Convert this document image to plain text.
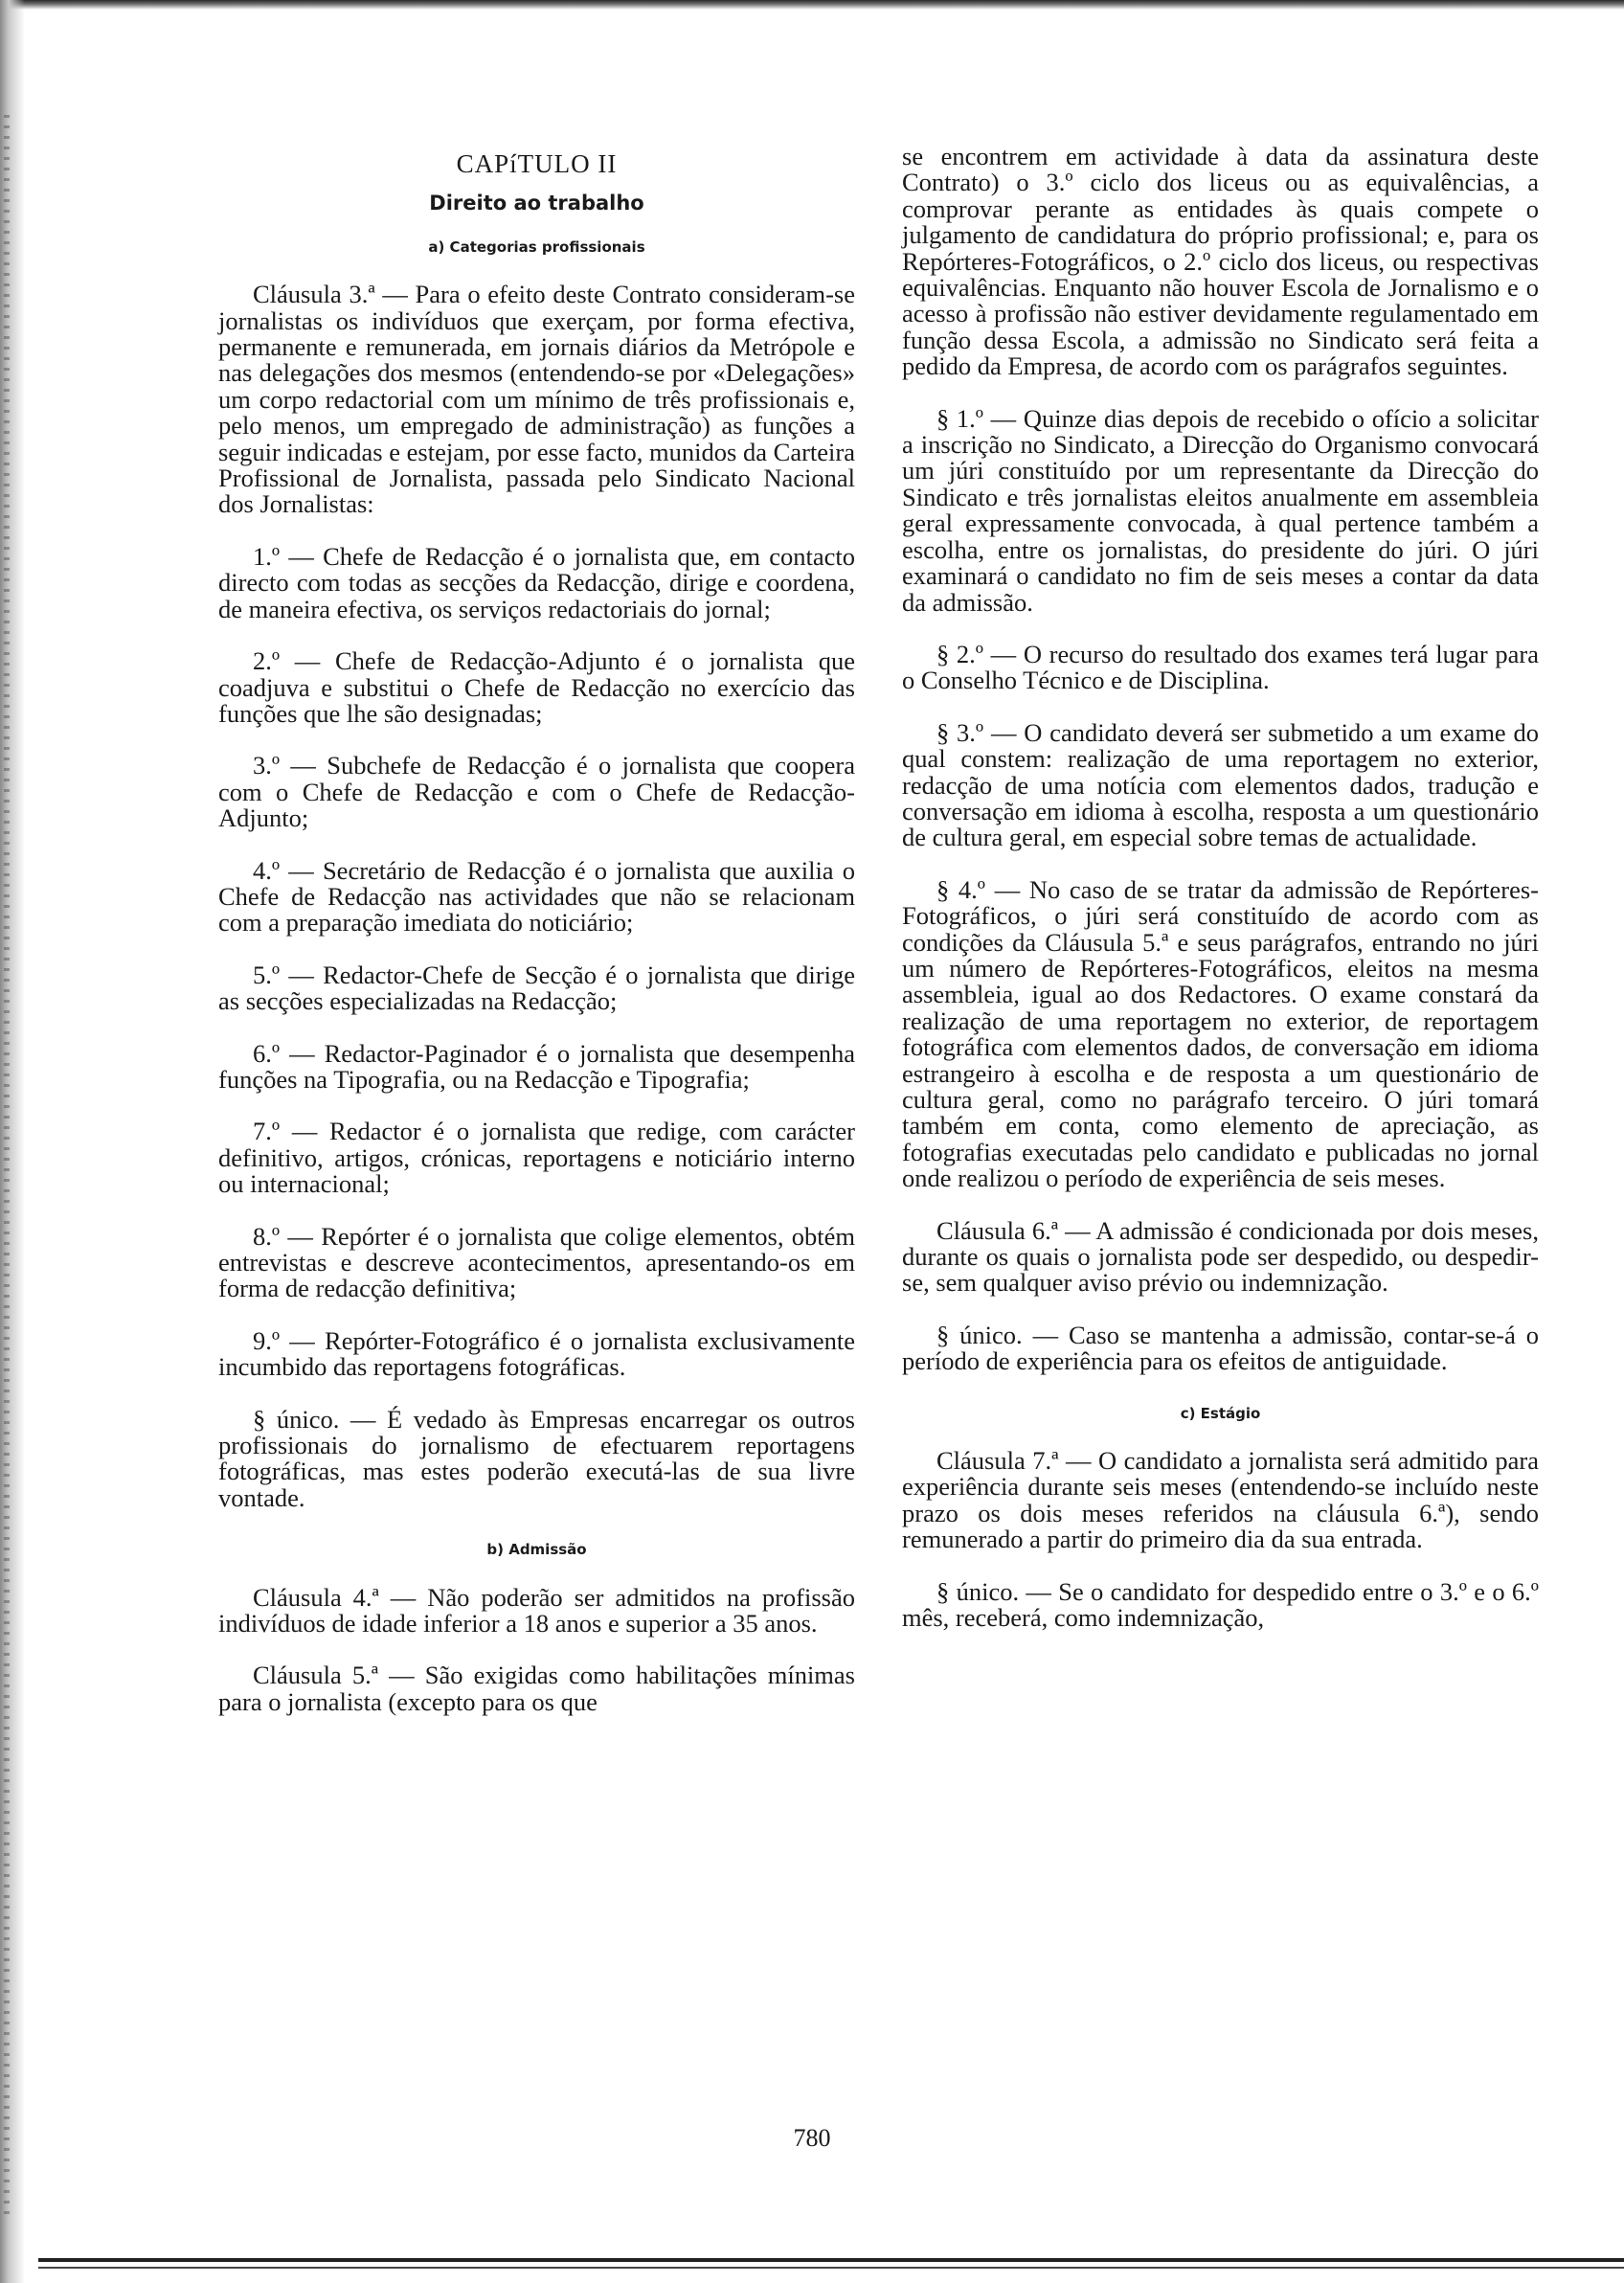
CAPíTULO II
Direito ao trabalho
a) Categorias profissionais

Cláusula 3.ª — Para o efeito deste Contrato consideram-se jornalistas os indivíduos que exerçam, por forma efectiva, permanente e remunerada, em jornais diários da Metrópole e nas delegações dos mesmos (entendendo-se por «Delegações» um corpo redactorial com um mínimo de três profissionais e, pelo menos, um empregado de administração) as funções a seguir indicadas e estejam, por esse facto, munidos da Carteira Profissional de Jornalista, passada pelo Sindicato Nacional dos Jornalistas:

1.º — Chefe de Redacção é o jornalista que, em contacto directo com todas as secções da Redacção, dirige e coordena, de maneira efectiva, os serviços redactoriais do jornal;

2.º — Chefe de Redacção-Adjunto é o jornalista que coadjuva e substitui o Chefe de Redacção no exercício das funções que lhe são designadas;

3.º — Subchefe de Redacção é o jornalista que coopera com o Chefe de Redacção e com o Chefe de Redacção-Adjunto;

4.º — Secretário de Redacção é o jornalista que auxilia o Chefe de Redacção nas actividades que não se relacionam com a preparação imediata do noticiário;

5.º — Redactor-Chefe de Secção é o jornalista que dirige as secções especializadas na Redacção;

6.º — Redactor-Paginador é o jornalista que desempenha funções na Tipografia, ou na Redacção e Tipografia;

7.º — Redactor é o jornalista que redige, com carácter definitivo, artigos, crónicas, reportagens e noticiário interno ou internacional;

8.º — Repórter é o jornalista que colige elementos, obtém entrevistas e descreve acontecimentos, apresentando-os em forma de redacção definitiva;

9.º — Repórter-Fotográfico é o jornalista exclusivamente incumbido das reportagens fotográficas.

§ único. — É vedado às Empresas encarregar os outros profissionais do jornalismo de efectuarem reportagens fotográficas, mas estes poderão executá-las de sua livre vontade.

b) Admissão

Cláusula 4.ª — Não poderão ser admitidos na profissão indivíduos de idade inferior a 18 anos e superior a 35 anos.

Cláusula 5.ª — São exigidas como habilitações mínimas para o jornalista (excepto para os que

se encontrem em actividade à data da assinatura deste Contrato) o 3.º ciclo dos liceus ou as equivalências, a comprovar perante as entidades às quais compete o julgamento de candidatura do próprio profissional; e, para os Repórteres-Fotográficos, o 2.º ciclo dos liceus, ou respectivas equivalências. Enquanto não houver Escola de Jornalismo e o acesso à profissão não estiver devidamente regulamentado em função dessa Escola, a admissão no Sindicato será feita a pedido da Empresa, de acordo com os parágrafos seguintes.

§ 1.º — Quinze dias depois de recebido o ofício a solicitar a inscrição no Sindicato, a Direcção do Organismo convocará um júri constituído por um representante da Direcção do Sindicato e três jornalistas eleitos anualmente em assembleia geral expressamente convocada, à qual pertence também a escolha, entre os jornalistas, do presidente do júri. O júri examinará o candidato no fim de seis meses a contar da data da admissão.

§ 2.º — O recurso do resultado dos exames terá lugar para o Conselho Técnico e de Disciplina.

§ 3.º — O candidato deverá ser submetido a um exame do qual constem: realização de uma reportagem no exterior, redacção de uma notícia com elementos dados, tradução e conversação em idioma à escolha, resposta a um questionário de cultura geral, em especial sobre temas de actualidade.

§ 4.º — No caso de se tratar da admissão de Repórteres-Fotográficos, o júri será constituído de acordo com as condições da Cláusula 5.ª e seus parágrafos, entrando no júri um número de Repórteres-Fotográficos, eleitos na mesma assembleia, igual ao dos Redactores. O exame constará da realização de uma reportagem no exterior, de reportagem fotográfica com elementos dados, de conversação em idioma estrangeiro à escolha e de resposta a um questionário de cultura geral, como no parágrafo terceiro. O júri tomará também em conta, como elemento de apreciação, as fotografias executadas pelo candidato e publicadas no jornal onde realizou o período de experiência de seis meses.

Cláusula 6.ª — A admissão é condicionada por dois meses, durante os quais o jornalista pode ser despedido, ou despedir-se, sem qualquer aviso prévio ou indemnização.

§ único. — Caso se mantenha a admissão, contar-se-á o período de experiência para os efeitos de antiguidade.

c) Estágio

Cláusula 7.ª — O candidato a jornalista será admitido para experiência durante seis meses (entendendo-se incluído neste prazo os dois meses referidos na cláusula 6.ª), sendo remunerado a partir do primeiro dia da sua entrada.

§ único. — Se o candidato for despedido entre o 3.º e o 6.º mês, receberá, como indemnização,

780
